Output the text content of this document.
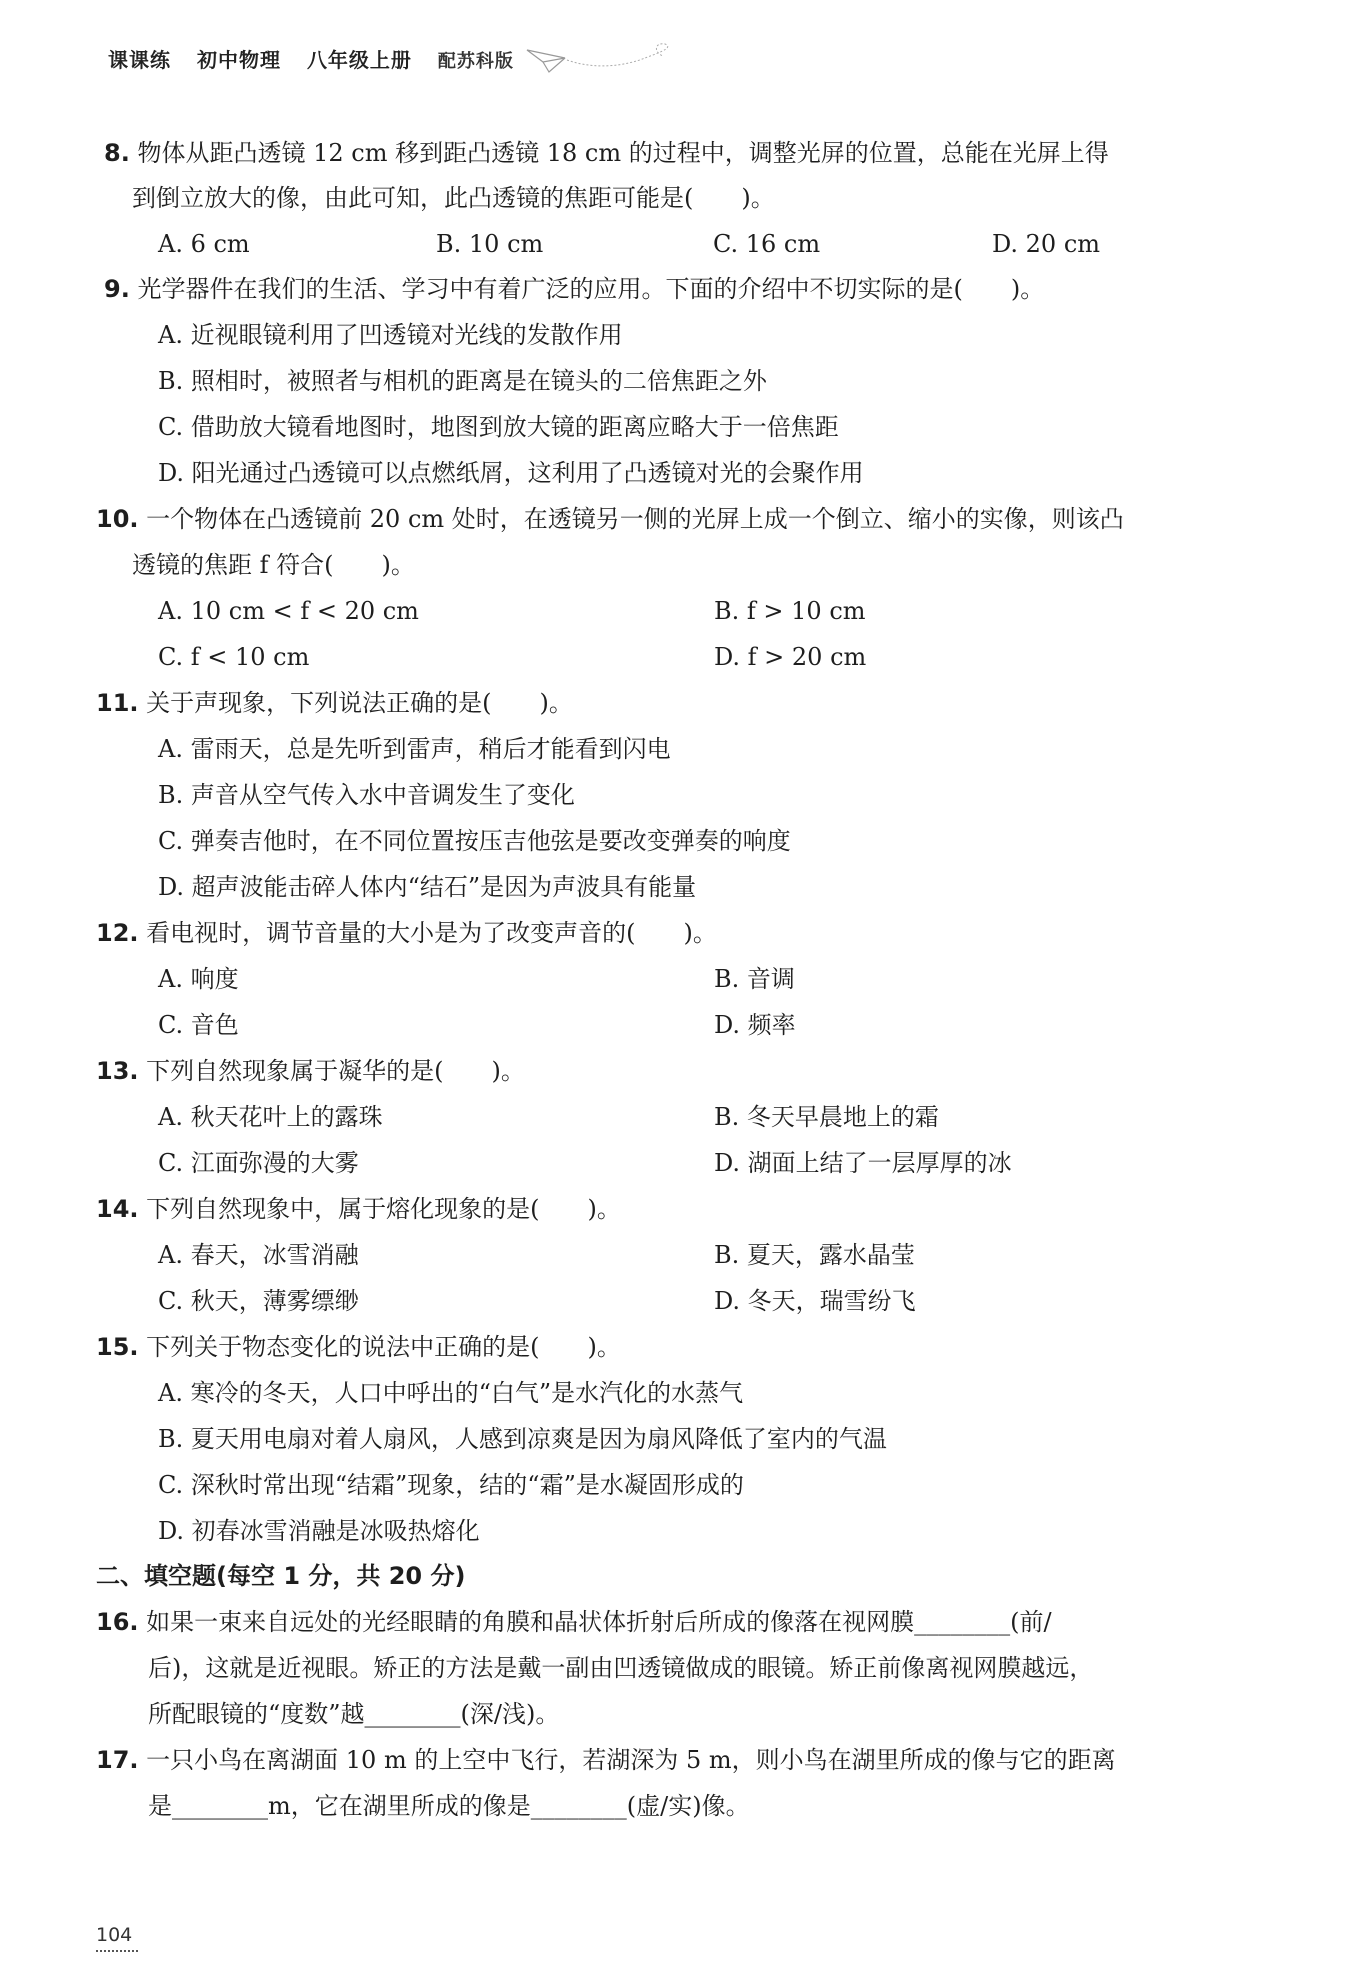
课课练 初中物理 八年级上册 配苏科版
8. 物体从距凸透镜 12 cm 移到距凸透镜 18 cm 的过程中，调整光屏的位置，总能在光屏上得
到倒立放大的像，由此可知，此凸透镜的焦距可能是(　　)。
A. 6 cm	B. 10 cm	C. 16 cm	D. 20 cm
9. 光学器件在我们的生活、学习中有着广泛的应用。下面的介绍中不切实际的是(　　)。
A. 近视眼镜利用了凹透镜对光线的发散作用
B. 照相时，被照者与相机的距离是在镜头的二倍焦距之外
C. 借助放大镜看地图时，地图到放大镜的距离应略大于一倍焦距
D. 阳光通过凸透镜可以点燃纸屑，这利用了凸透镜对光的会聚作用
10. 一个物体在凸透镜前 20 cm 处时，在透镜另一侧的光屏上成一个倒立、缩小的实像，则该凸
透镜的焦距 f 符合(　　)。
A. 10 cm < f < 20 cm	B. f > 10 cm
C. f < 10 cm	D. f > 20 cm
11. 关于声现象，下列说法正确的是(　　)。
A. 雷雨天，总是先听到雷声，稍后才能看到闪电
B. 声音从空气传入水中音调发生了变化
C. 弹奏吉他时，在不同位置按压吉他弦是要改变弹奏的响度
D. 超声波能击碎人体内“结石”是因为声波具有能量
12. 看电视时，调节音量的大小是为了改变声音的(　　)。
A. 响度	B. 音调
C. 音色	D. 频率
13. 下列自然现象属于凝华的是(　　)。
A. 秋天花叶上的露珠	B. 冬天早晨地上的霜
C. 江面弥漫的大雾	D. 湖面上结了一层厚厚的冰
14. 下列自然现象中，属于熔化现象的是(　　)。
A. 春天，冰雪消融	B. 夏天，露水晶莹
C. 秋天，薄雾缥缈	D. 冬天，瑞雪纷飞
15. 下列关于物态变化的说法中正确的是(　　)。
A. 寒冷的冬天，人口中呼出的“白气”是水汽化的水蒸气
B. 夏天用电扇对着人扇风，人感到凉爽是因为扇风降低了室内的气温
C. 深秋时常出现“结霜”现象，结的“霜”是水凝固形成的
D. 初春冰雪消融是冰吸热熔化
二、填空题(每空 1 分，共 20 分)
16. 如果一束来自远处的光经眼睛的角膜和晶状体折射后所成的像落在视网膜________(前/
后)，这就是近视眼。矫正的方法是戴一副由凹透镜做成的眼镜。矫正前像离视网膜越远，
所配眼镜的“度数”越________(深/浅)。
17. 一只小鸟在离湖面 10 m 的上空中飞行，若湖深为 5 m，则小鸟在湖里所成的像与它的距离
是________m，它在湖里所成的像是________(虚/实)像。
104
